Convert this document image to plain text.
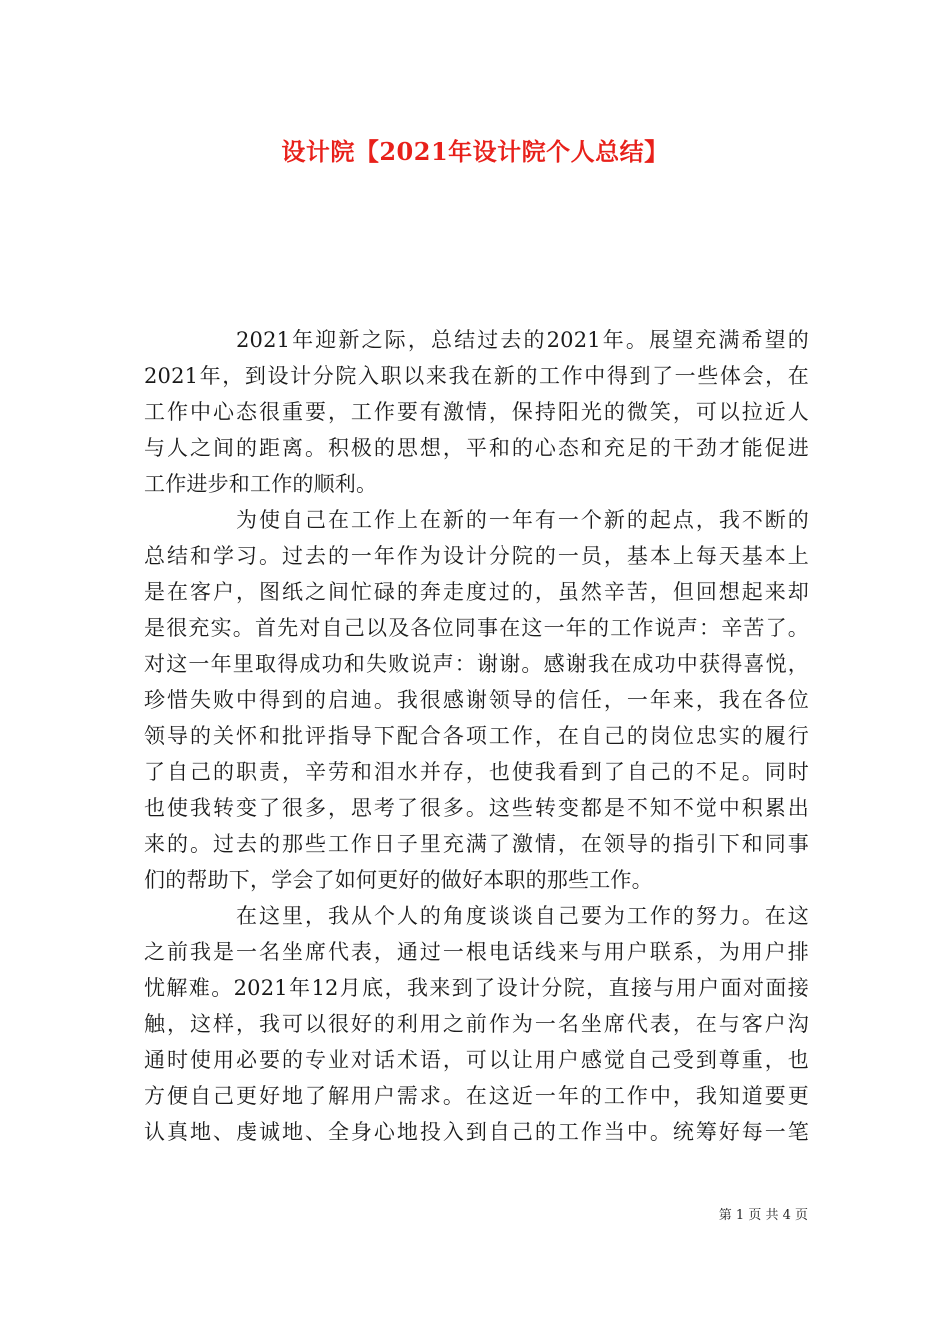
设计院【2021年设计院个人总结】
2021年迎新之际，总结过去的2021年。展望充满希望的
2021年，到设计分院入职以来我在新的工作中得到了一些体会，在
工作中心态很重要，工作要有激情，保持阳光的微笑，可以拉近人
与人之间的距离。积极的思想，平和的心态和充足的干劲才能促进
工作进步和工作的顺利。
为使自己在工作上在新的一年有一个新的起点，我不断的
总结和学习。过去的一年作为设计分院的一员，基本上每天基本上
是在客户，图纸之间忙碌的奔走度过的，虽然辛苦，但回想起来却
是很充实。首先对自己以及各位同事在这一年的工作说声：辛苦了。
对这一年里取得成功和失败说声：谢谢。感谢我在成功中获得喜悦，
珍惜失败中得到的启迪。我很感谢领导的信任，一年来，我在各位
领导的关怀和批评指导下配合各项工作，在自己的岗位忠实的履行
了自己的职责，辛劳和泪水并存，也使我看到了自己的不足。同时
也使我转变了很多，思考了很多。这些转变都是不知不觉中积累出
来的。过去的那些工作日子里充满了激情，在领导的指引下和同事
们的帮助下，学会了如何更好的做好本职的那些工作。
在这里，我从个人的角度谈谈自己要为工作的努力。在这
之前我是一名坐席代表，通过一根电话线来与用户联系，为用户排
忧解难。2021年12月底，我来到了设计分院，直接与用户面对面接
触，这样，我可以很好的利用之前作为一名坐席代表，在与客户沟
通时使用必要的专业对话术语，可以让用户感觉自己受到尊重，也
方便自己更好地了解用户需求。在这近一年的工作中，我知道要更
认真地、虔诚地、全身心地投入到自己的工作当中。统筹好每一笔
第 1 页 共 4 页
